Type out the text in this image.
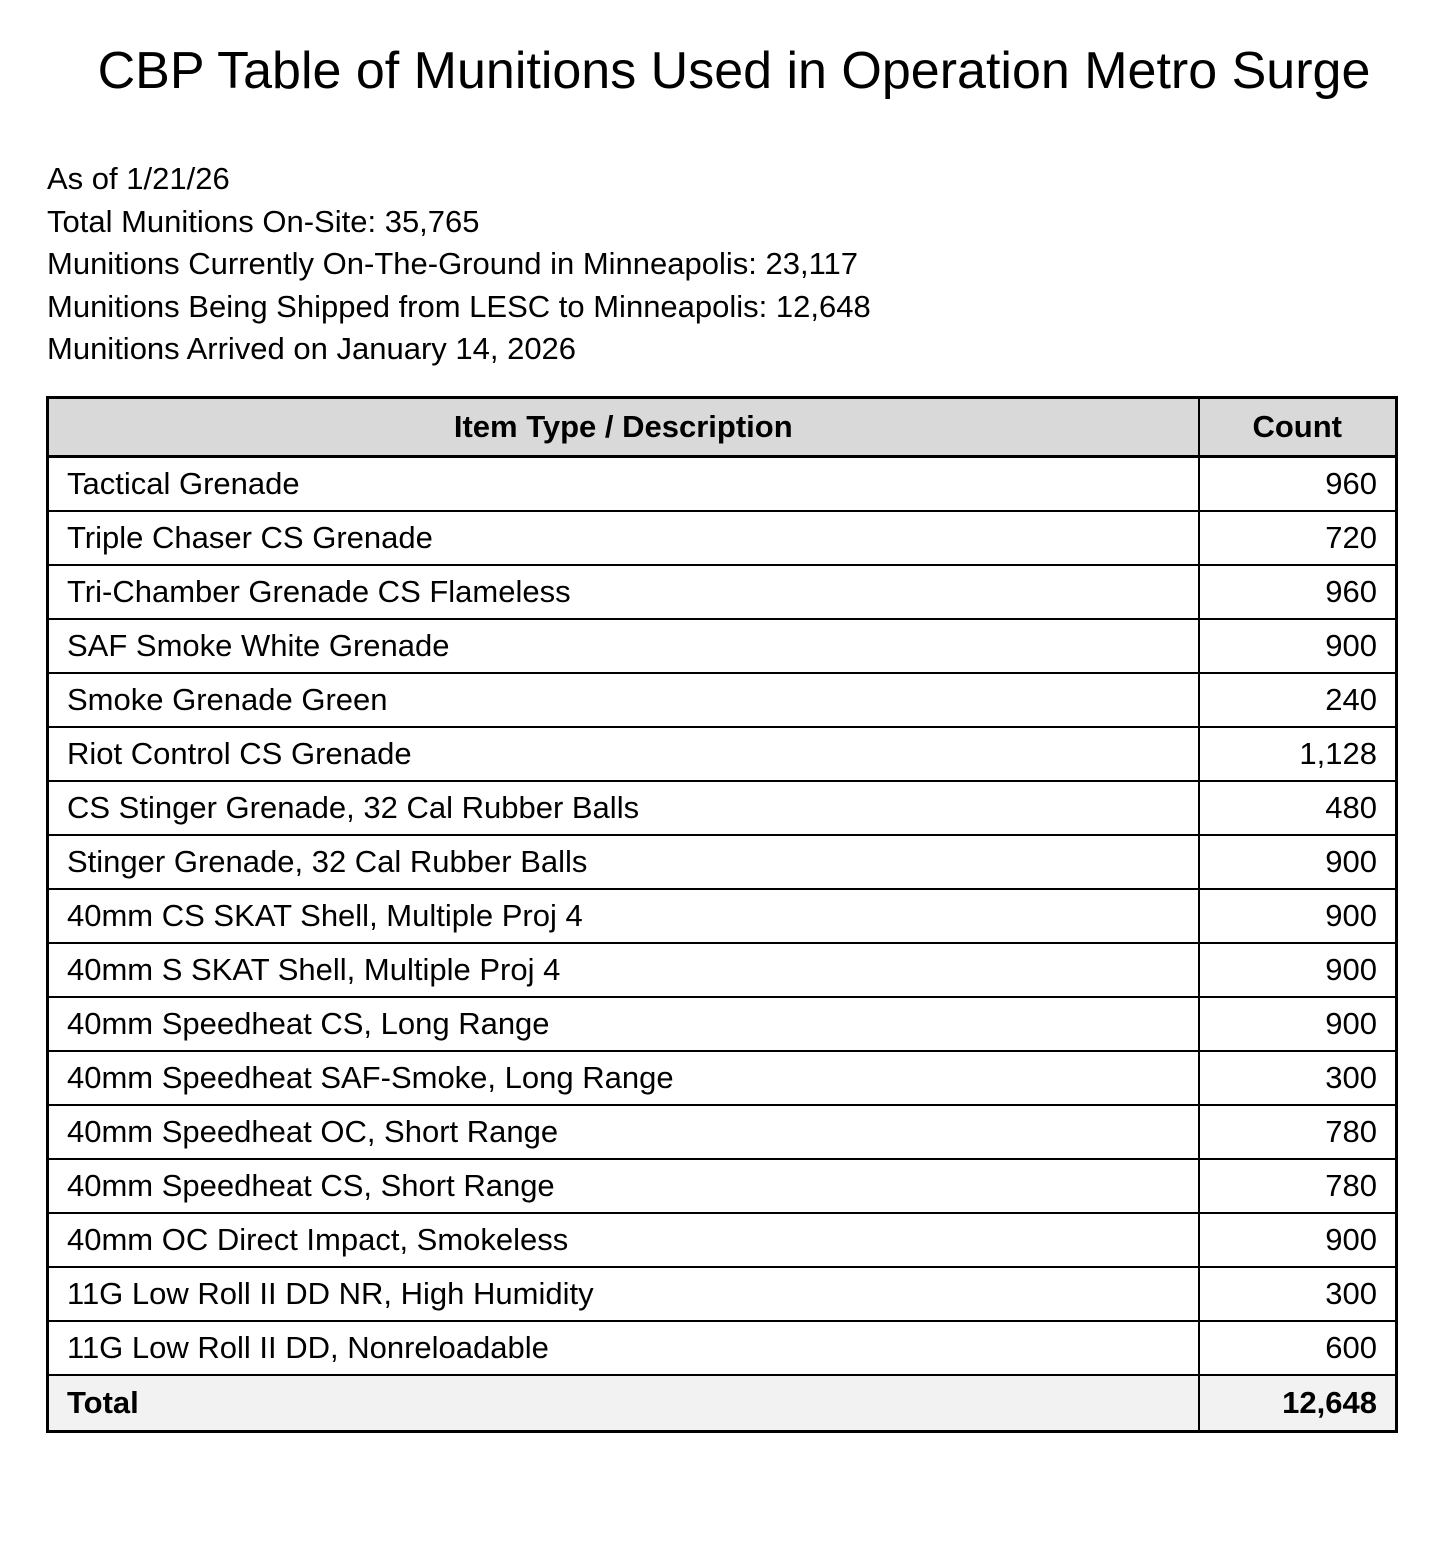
CBP Table of Munitions Used in Operation Metro Surge
As of 1/21/26
Total Munitions On-Site: 35,765
Munitions Currently On-The-Ground in Minneapolis: 23,117
Munitions Being Shipped from LESC to Minneapolis: 12,648
Munitions Arrived on January 14, 2026
Item Type / Description	Count
Tactical Grenade	960
Triple Chaser CS Grenade	720
Tri-Chamber Grenade CS Flameless	960
SAF Smoke White Grenade	900
Smoke Grenade Green	240
Riot Control CS Grenade	1,128
CS Stinger Grenade, 32 Cal Rubber Balls	480
Stinger Grenade, 32 Cal Rubber Balls	900
40mm CS SKAT Shell, Multiple Proj 4	900
40mm S SKAT Shell, Multiple Proj 4	900
40mm Speedheat CS, Long Range	900
40mm Speedheat SAF-Smoke, Long Range	300
40mm Speedheat OC, Short Range	780
40mm Speedheat CS, Short Range	780
40mm OC Direct Impact, Smokeless	900
11G Low Roll II DD NR, High Humidity	300
11G Low Roll II DD, Nonreloadable	600
Total	12,648
